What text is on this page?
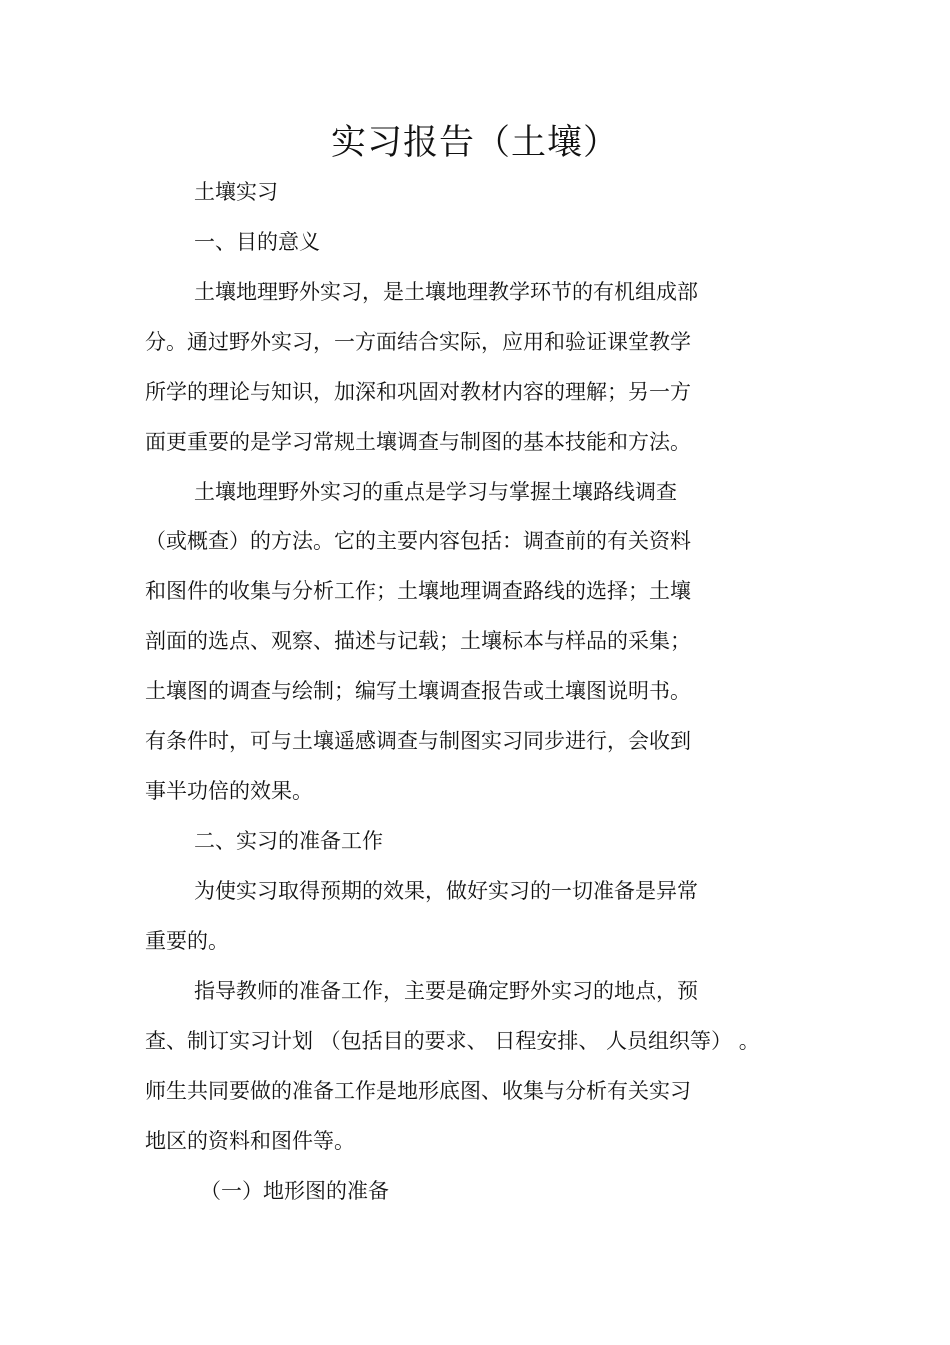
实习报告（土壤）
土壤实习
一、目的意义
土壤地理野外实习，是土壤地理教学环节的有机组成部
分。通过野外实习，一方面结合实际，应用和验证课堂教学
所学的理论与知识，加深和巩固对教材内容的理解；另一方
面更重要的是学习常规土壤调查与制图的基本技能和方法。
土壤地理野外实习的重点是学习与掌握土壤路线调查
（或概查）的方法。它的主要内容包括：调查前的有关资料
和图件的收集与分析工作；土壤地理调查路线的选择；土壤
剖面的选点、观察、描述与记载；土壤标本与样品的采集；
土壤图的调查与绘制；编写土壤调查报告或土壤图说明书。
有条件时，可与土壤遥感调查与制图实习同步进行，会收到
事半功倍的效果。
二、实习的准备工作
为使实习取得预期的效果，做好实习的一切准备是异常
重要的。
指导教师的准备工作，主要是确定野外实习的地点，预
查、制订实习计划 （包括目的要求、 日程安排、 人员组织等） 。
师生共同要做的准备工作是地形底图、收集与分析有关实习
地区的资料和图件等。
（一）地形图的准备
